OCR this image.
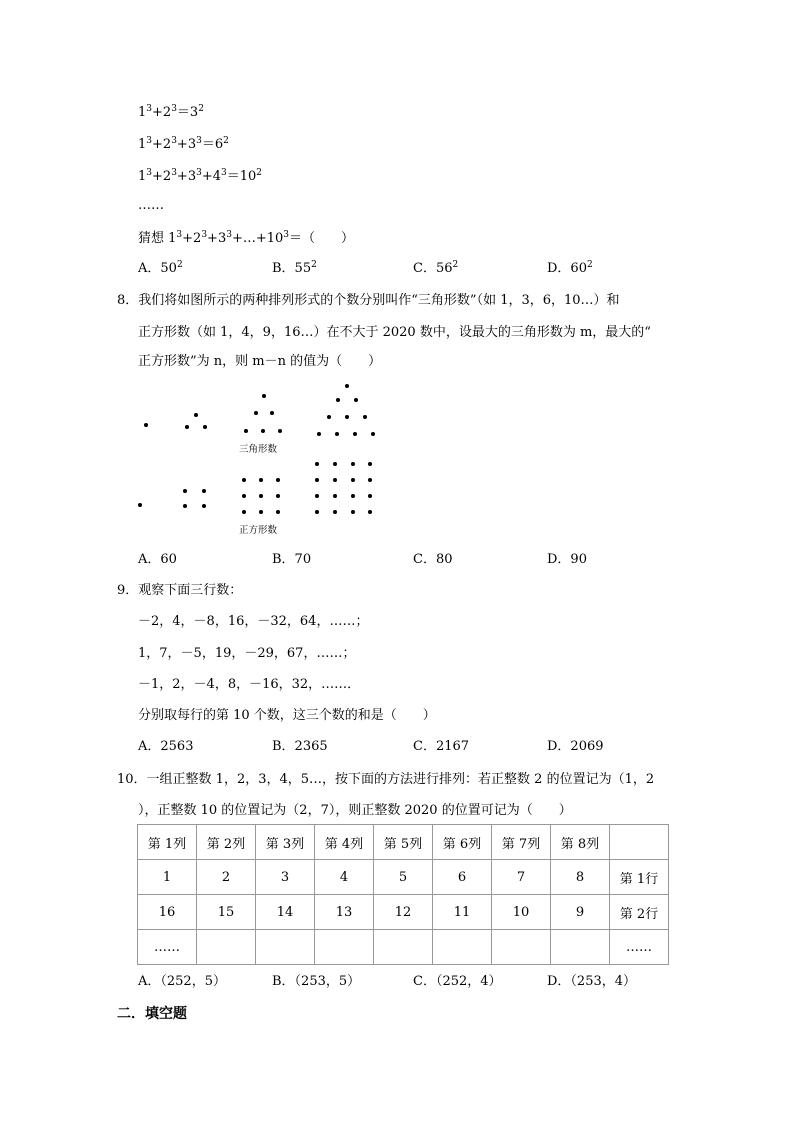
$1^3+2^3=3^2$
$1^3+2^3+3^3=6^2$
$1^3+2^3+3^3+4^3=10^2$
……
猜想 $1^3+2^3+3^3+\dots+10^3=$（　　）
A．$50^2$	B．$55^2$	C．$56^2$	D．$60^2$
8．我们将如图所示的两种排列形式的个数分别叫作“三角形数”（如 1，3，6，10…）和
正方形数（如 1，4，9，16…）在不大于 2020 数中，设最大的三角形数为 m，最大的“
正方形数”为 n，则 m－n 的值为（　　）
三角形数
正方形数
A．60	B．70	C．80	D．90
9．观察下面三行数：
－2，4，－8，16，－32，64，……；
1，7，－5，19，－29，67，……；
－1，2，－4，8，－16，32，……．
分别取每行的第 10 个数，这三个数的和是（　　）
A．2563	B．2365	C．2167	D．2069
10．一组正整数 1，2，3，4，5…，按下面的方法进行排列：若正整数 2 的位置记为（1，2
），正整数 10 的位置记为（2，7），则正整数 2020 的位置可记为（　　）
第 1列	第 2列	第 3列	第 4列	第 5列	第 6列	第 7列	第 8列	
1	2	3	4	5	6	7	8	第 1行
16	15	14	13	12	11	10	9	第 2行
……								……
A．（252，5）	B．（253，5）	C．（252，4）	D．（253，4）
二．填空题
